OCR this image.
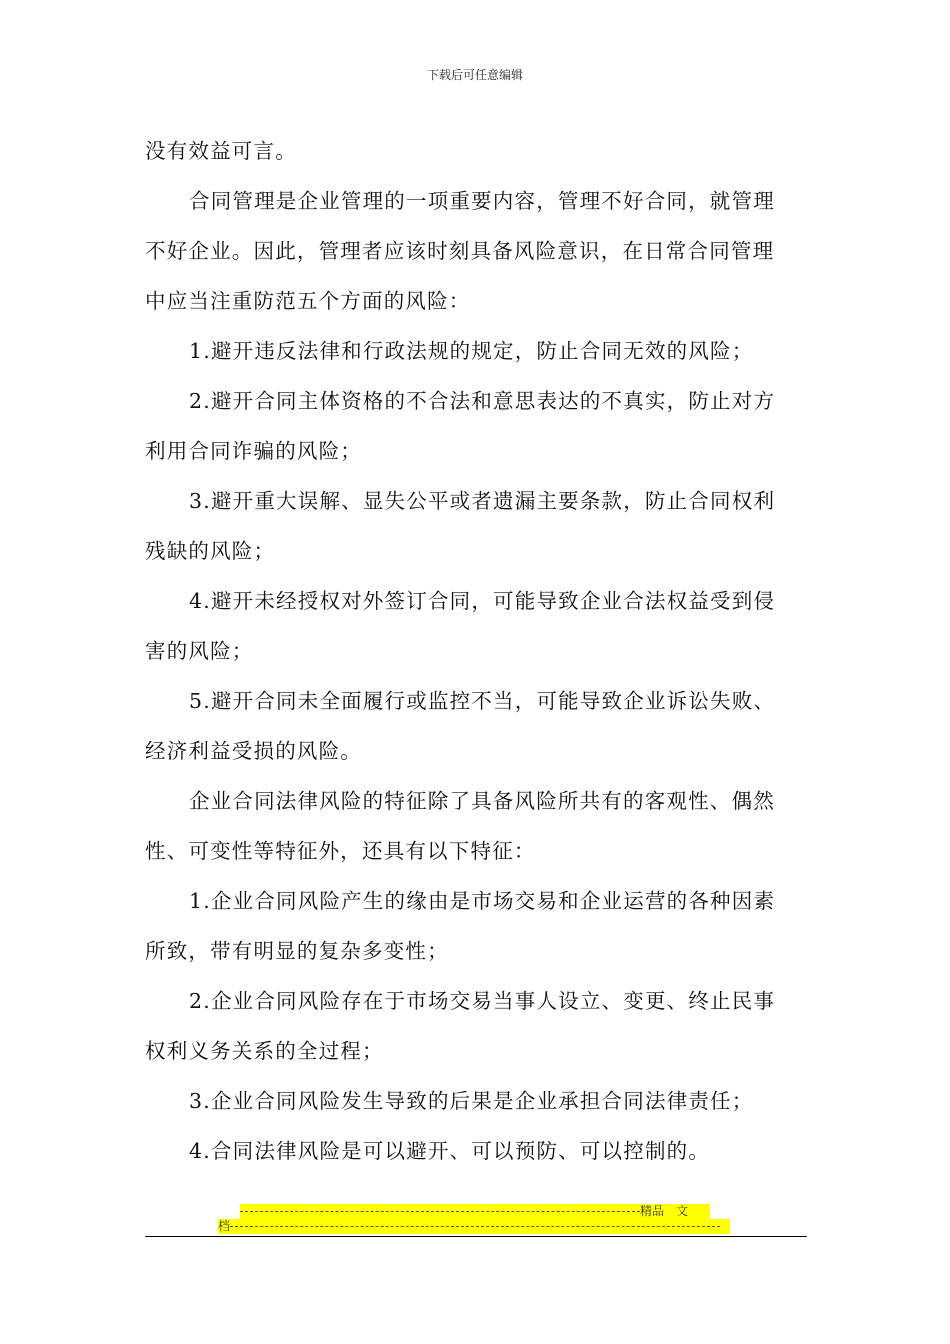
下载后可任意编辑
没有效益可言。
合同管理是企业管理的一项重要内容，管理不好合同，就管理
不好企业。因此，管理者应该时刻具备风险意识，在日常合同管理
中应当注重防范五个方面的风险：
1.避开违反法律和行政法规的规定，防止合同无效的风险；
2.避开合同主体资格的不合法和意思表达的不真实，防止对方
利用合同诈骗的风险；
3.避开重大误解、显失公平或者遗漏主要条款，防止合同权利
残缺的风险；
4.避开未经授权对外签订合同，可能导致企业合法权益受到侵
害的风险；
5.避开合同未全面履行或监控不当，可能导致企业诉讼失败、
经济利益受损的风险。
企业合同法律风险的特征除了具备风险所共有的客观性、偶然
性、可变性等特征外，还具有以下特征：
1.企业合同风险产生的缘由是市场交易和企业运营的各种因素
所致，带有明显的复杂多变性；
2.企业合同风险存在于市场交易当事人设立、变更、终止民事
权利义务关系的全过程；
3.企业合同风险发生导致的后果是企业承担合同法律责任；
4.合同法律风险是可以避开、可以预防、可以控制的。
精品　文
档
